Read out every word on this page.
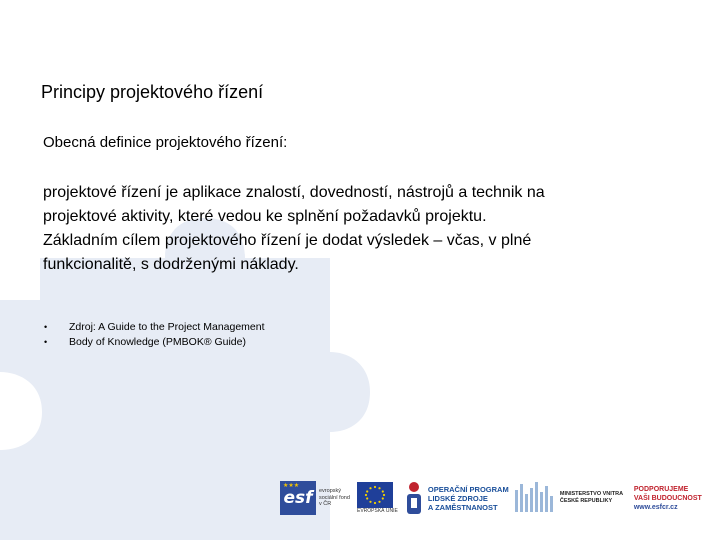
Principy projektového řízení
Obecná definice projektového řízení:
projektové řízení je aplikace znalostí, dovedností, nástrojů a technik na
projektové aktivity, které vedou ke splnění požadavků projektu.
Základním cílem projektového řízení je dodat výsledek – včas, v plné
funkcionalitě, s dodrženými náklady.
•	Zdroj: A Guide to the Project Management
•	Body of Knowledge (PMBOK® Guide)
★★★
esf	evropský sociální fond v ČR
EVROPSKÁ UNIE
OPERAČNÍ PROGRAM
LIDSKÉ ZDROJE
A ZAMĚSTNANOST
MINISTERSTVO VNITRA
ČESKÉ REPUBLIKY
PODPORUJEME
VAŠI BUDOUCNOST
www.esfcr.cz
